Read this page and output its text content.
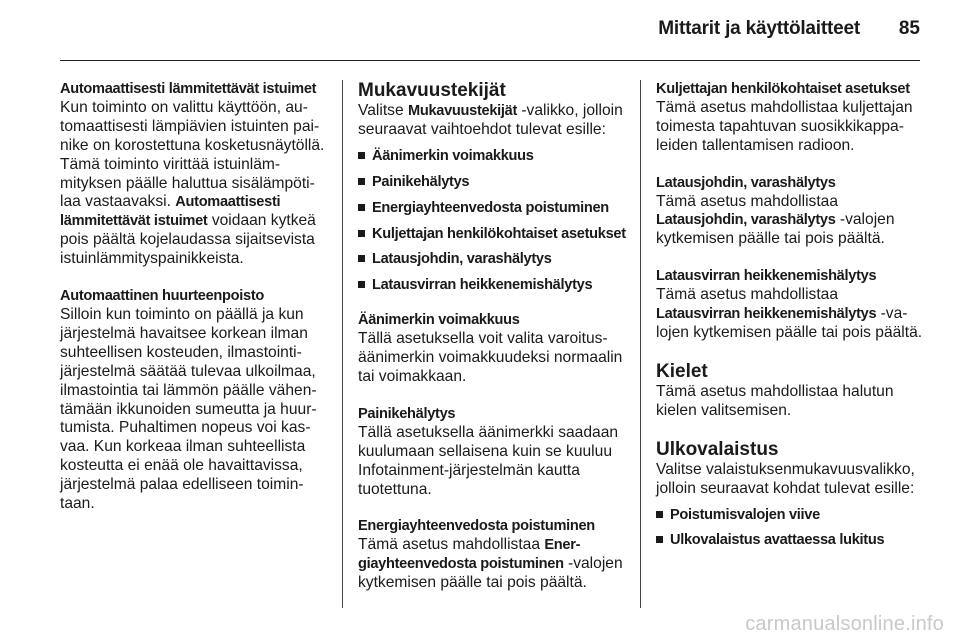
Mittarit ja käyttölaitteet 85
Automaattisesti lämmitettävät istuimet

Kun toiminto on valittu käyttöön, automaattisesti lämpiävien istuinten painike on korostettuna kosketusnäytöllä. Tämä toiminto virittää istuinlämmityksen päälle haluttua sisälämpötilaa vastaavaksi. Automaattisesti lämmitettävät istuimet voidaan kytkeä pois päältä kojelaudassa sijaitsevista istuinlämmityspainikkeista.

Automaattinen huurteenpoisto

Silloin kun toiminto on päällä ja kun järjestelmä havaitsee korkean ilman suhteellisen kosteuden, ilmastointijärjestelmä säätää tulevaa ulkoilmaa, ilmastointia tai lämmön päälle vähentämään ikkunoiden sumeutta ja huurtumista. Puhaltimen nopeus voi kasvaa. Kun korkeaa ilman suhteellista kosteutta ei enää ole havaittavissa, järjestelmä palaa edelliseen toimintaan.

Mukavuustekijät

Valitse Mukavuustekijät -valikko, jolloin seuraavat vaihtoehdot tulevat esille:

Äänimerkin voimakkuus
Painikehälytys
Energiayhteenvedosta poistuminen
Kuljettajan henkilökohtaiset asetukset
Latausjohdin, varashälytys
Latausvirran heikkenemishälytys
Äänimerkin voimakkuus

Tällä asetuksella voit valita varoitusäänimerkin voimakkuudeksi normaalin tai voimakkaan.

Painikehälytys

Tällä asetuksella äänimerkki saadaan kuulumaan sellaisena kuin se kuuluu Infotainment-järjestelmän kautta tuotettuna.

Energiayhteenvedosta poistuminen

Tämä asetus mahdollistaa Energiayhteenvedosta poistuminen -valojen kytkemisen päälle tai pois päältä.

Kuljettajan henkilökohtaiset asetukset

Tämä asetus mahdollistaa kuljettajan toimesta tapahtuvan suosikkikappaleiden tallentamisen radioon.

Latausjohdin, varashälytys

Tämä asetus mahdollistaa Latausjohdin, varashälytys -valojen kytkemisen päälle tai pois päältä.

Latausvirran heikkenemishälytys

Tämä asetus mahdollistaa Latausvirran heikkenemishälytys -valojen kytkemisen päälle tai pois päältä.

Kielet

Tämä asetus mahdollistaa halutun kielen valitsemisen.

Ulkovalaistus

Valitse valaistuksenmukavuusvalikko, jolloin seuraavat kohdat tulevat esille:

Poistumisvalojen viive
Ulkovalaistus avattaessa lukitus
carmanualsonline.info
